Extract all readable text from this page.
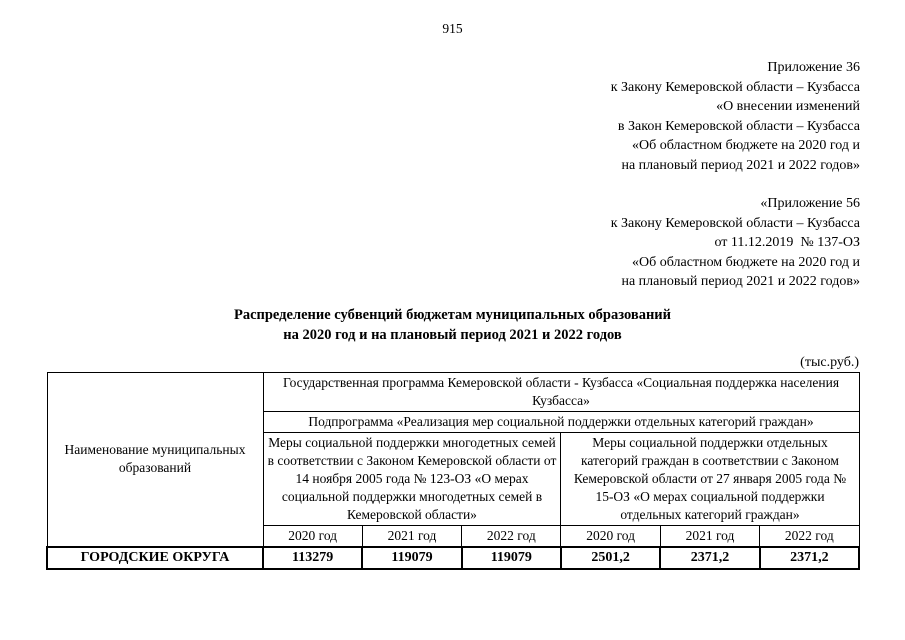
915
Приложение 36
к Закону Кемеровской области – Кузбасса
«О внесении изменений
в Закон Кемеровской области – Кузбасса
«Об областном бюджете на 2020 год и
на плановый период 2021 и 2022 годов»
«Приложение 56
к Закону Кемеровской области – Кузбасса
от 11.12.2019  № 137-ОЗ
«Об областном бюджете на 2020 год и
на плановый период 2021 и 2022 годов»
Распределение субвенций бюджетам муниципальных образований
на 2020 год и на плановый период 2021 и 2022 годов
(тыс.руб.)
Наименование муниципальных образований	Государственная программа Кемеровской области - Кузбасса «Социальная поддержка населения Кузбасса»					
	Подпрограмма «Реализация мер социальной поддержки отдельных категорий граждан»					
	Меры социальной поддержки многодетных семей в соответствии с Законом Кемеровской области от 14 ноября 2005 года № 123-ОЗ «О мерах социальной поддержки многодетных семей в Кемеровской области»			Меры социальной поддержки отдельных категорий граждан в соответствии с Законом Кемеровской области от 27 января 2005 года № 15-ОЗ «О мерах социальной поддержки отдельных категорий граждан»		
	2020 год	2021 год	2022 год	2020 год	2021 год	2022 год
ГОРОДСКИЕ ОКРУГА	113279	119079	119079	2501,2	2371,2	2371,2
